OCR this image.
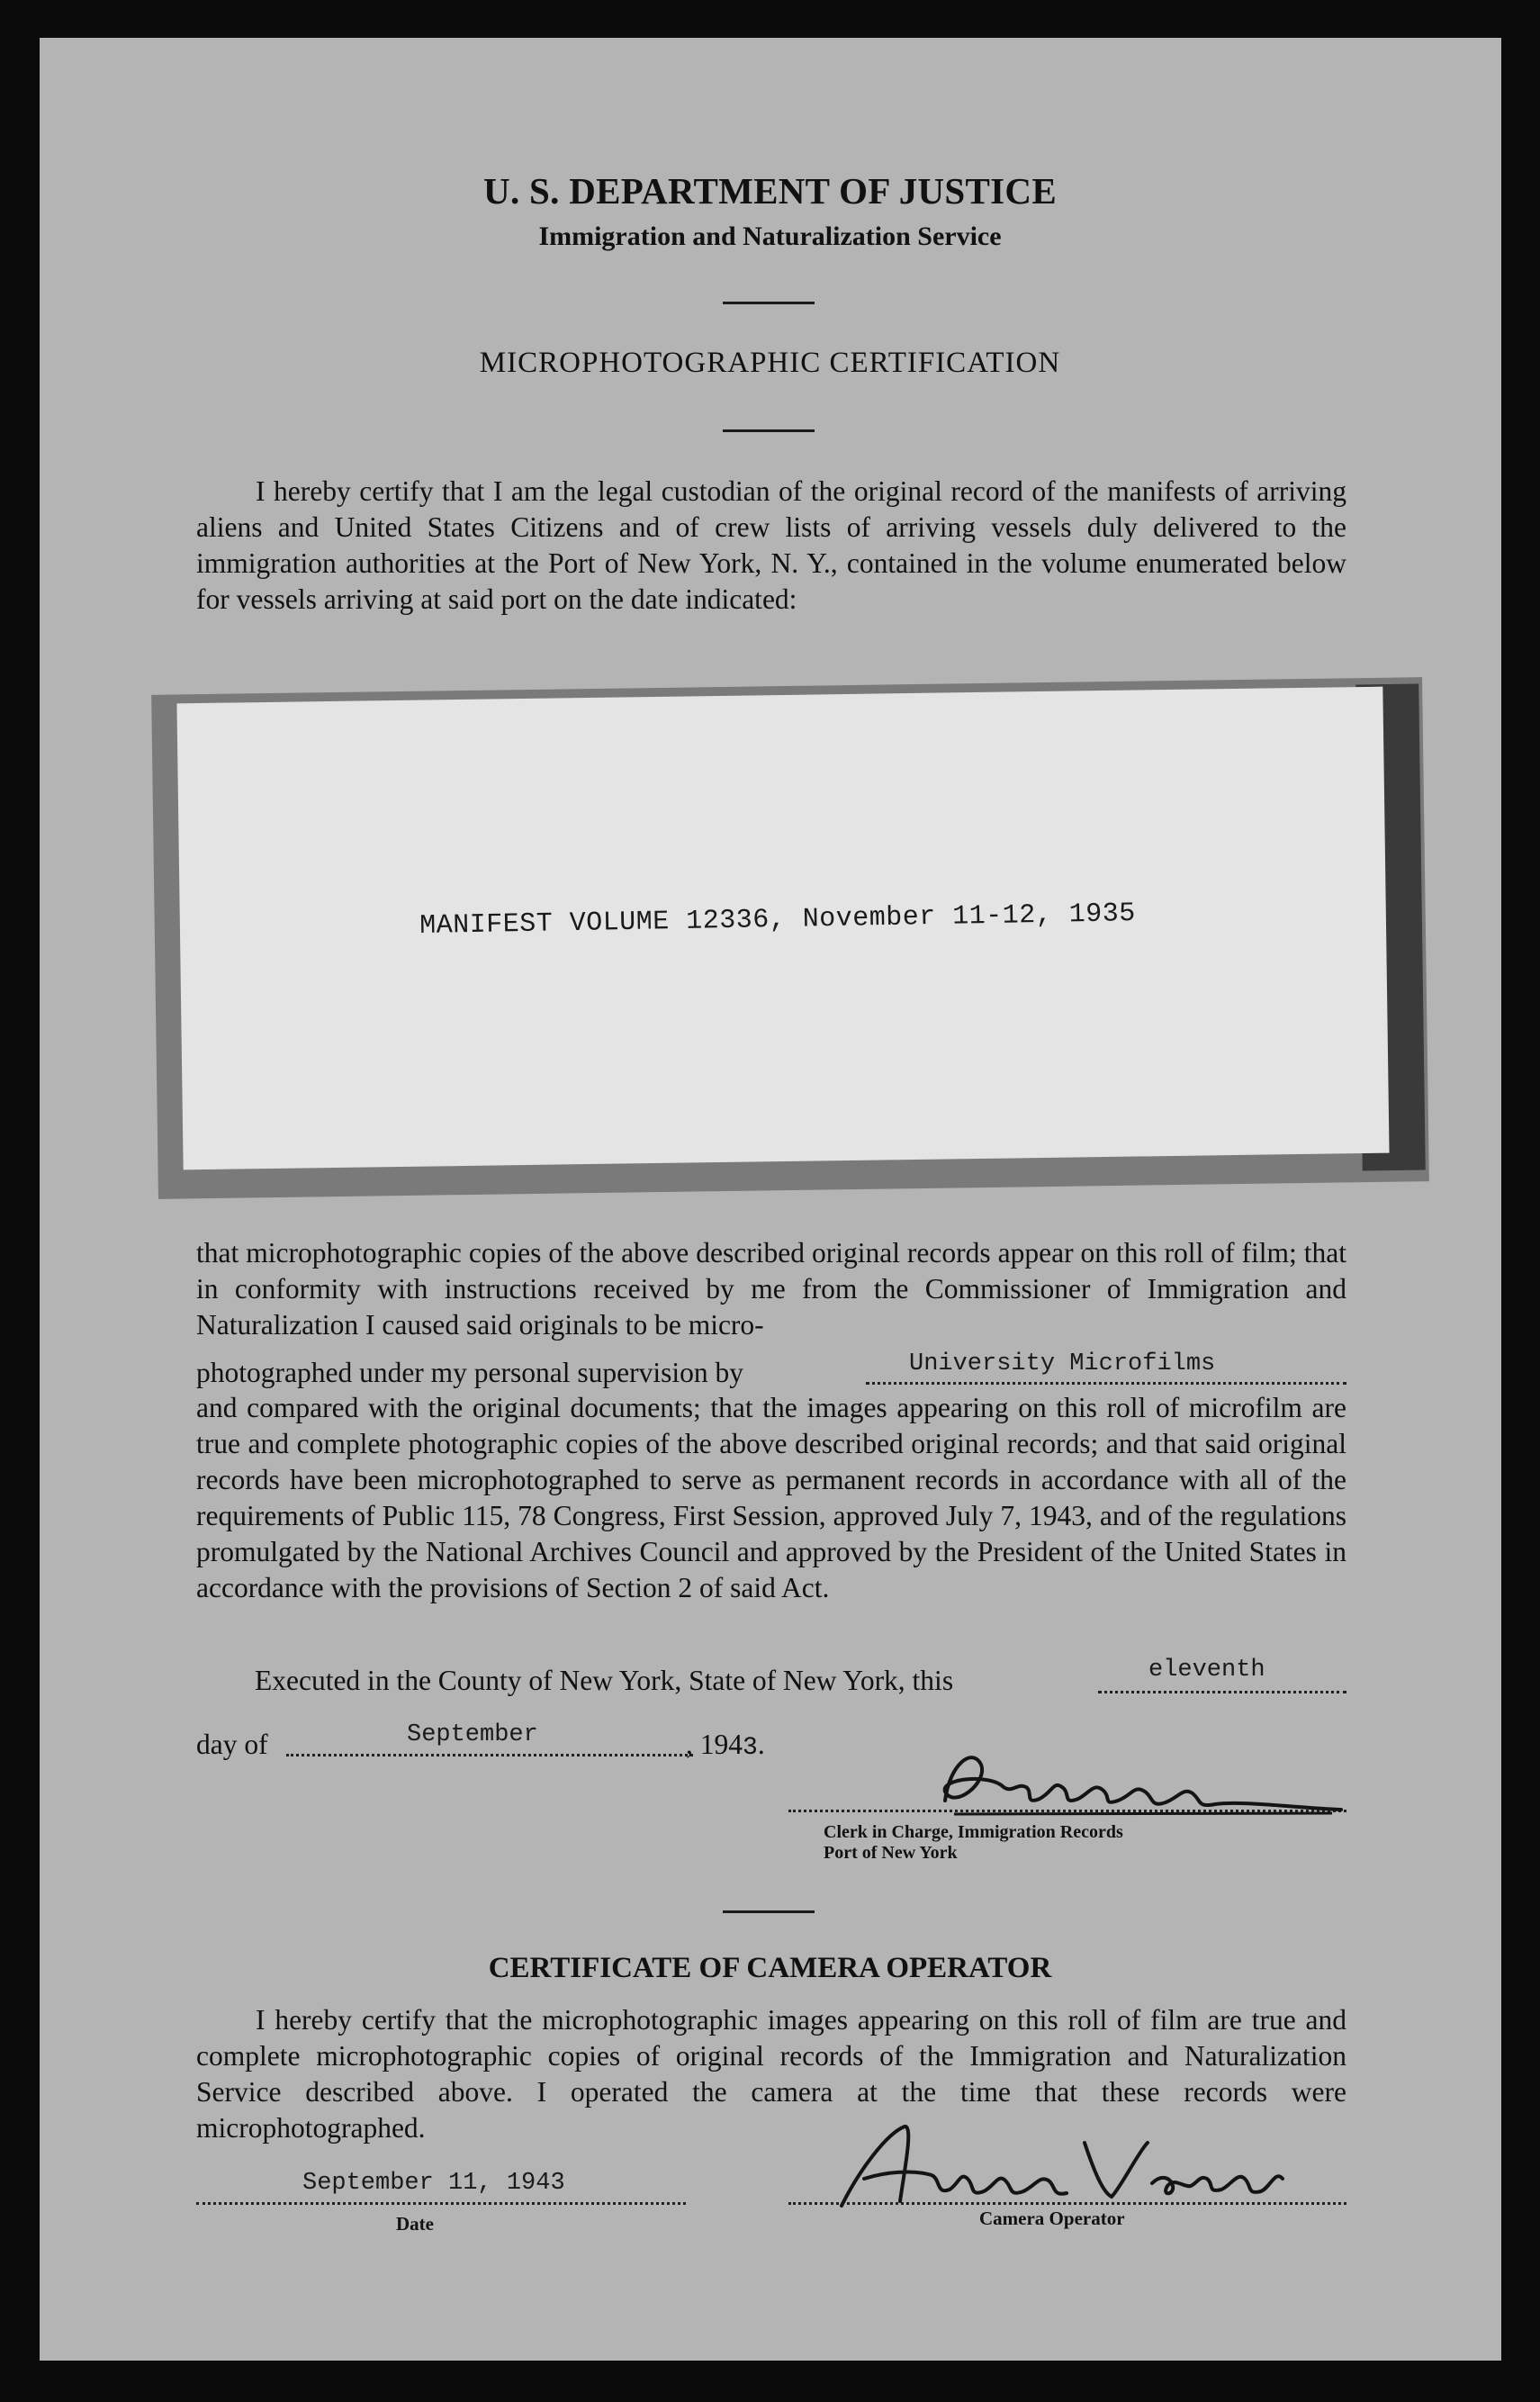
U. S. DEPARTMENT OF JUSTICE
Immigration and Naturalization Service
MICROPHOTOGRAPHIC CERTIFICATION
I hereby certify that I am the legal custodian of the original record of the manifests of arriving aliens and United States Citizens and of crew lists of arriving vessels duly delivered to the immigration authorities at the Port of New York, N. Y., contained in the volume enumerated below for vessels arriving at said port on the date indicated:
MANIFEST VOLUME 12336, November 11-12, 1935
that microphotographic copies of the above described original records appear on this roll of film; that in conformity with instructions received by me from the Commissioner of Immigration and Naturalization I caused said originals to be micro-
photographed under my personal supervision by	University Microfilms
and compared with the original documents; that the images appearing on this roll of microfilm are true and complete photographic copies of the above described original records; and that said original records have been microphotographed to serve as permanent records in accordance with all of the requirements of Public 115, 78 Congress, First Session, approved July 7, 1943, and of the regulations promulgated by the National Archives Council and approved by the President of the United States in accordance with the provisions of Section 2 of said Act.
Executed in the County of New York, State of New York, this	eleventh
day of	September	, 1943.
Clerk in Charge, Immigration Records
Port of New York
CERTIFICATE OF CAMERA OPERATOR
I hereby certify that the microphotographic images appearing on this roll of film are true and complete microphotographic copies of original records of the Immigration and Naturalization Service described above. I operated the camera at the time that these records were microphotographed.
September 11, 1943
Date	Camera Operator
